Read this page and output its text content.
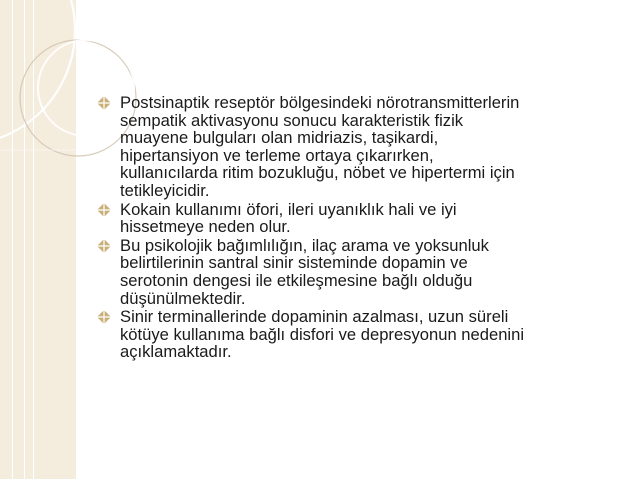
Postsinaptik reseptör bölgesindeki nörotransmitterlerin
sempatik aktivasyonu sonucu karakteristik fizik
muayene bulguları olan midriazis, taşikardi,
hipertansiyon ve terleme ortaya çıkarırken,
kullanıcılarda ritim bozukluğu, nöbet ve hipertermi için
tetikleyicidir.
Kokain kullanımı öfori, ileri uyanıklık hali ve iyi
hissetmeye neden olur.
Bu psikolojik bağımlılığın, ilaç arama ve yoksunluk
belirtilerinin santral sinir sisteminde dopamin ve
serotonin dengesi ile etkileşmesine bağlı olduğu
düşünülmektedir.
Sinir terminallerinde dopaminin azalması, uzun süreli
kötüye kullanıma bağlı disfori ve depresyonun nedenini
açıklamaktadır.
